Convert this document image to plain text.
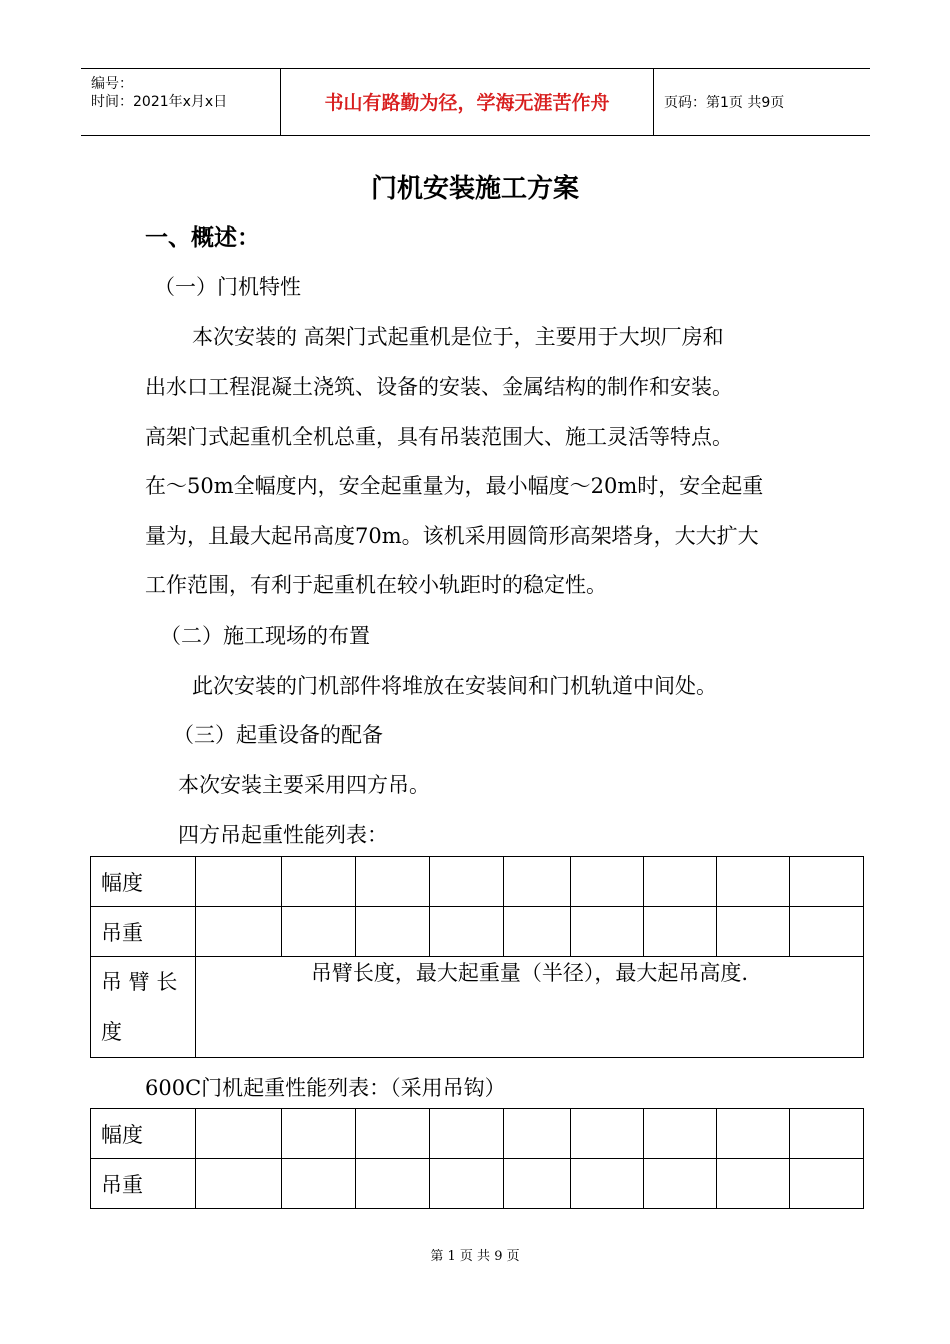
编号：
时间：2021年x月x日	书山有路勤为径，学海无涯苦作舟	页码：第1页 共9页
门机安装施工方案
一、概述：
（一）门机特性
本次安装的 高架门式起重机是位于，主要用于大坝厂房和
出水口工程混凝土浇筑、设备的安装、金属结构的制作和安装。
高架门式起重机全机总重，具有吊装范围大、施工灵活等特点。
在～50m全幅度内，安全起重量为，最小幅度～20m时，安全起重
量为，且最大起吊高度70m。该机采用圆筒形高架塔身，大大扩大
工作范围，有利于起重机在较小轨距时的稳定性。
（二）施工现场的布置
此次安装的门机部件将堆放在安装间和门机轨道中间处。
（三）起重设备的配备
本次安装主要采用四方吊。
四方吊起重性能列表：
幅度									
吊重									
吊 臂 长 度	吊臂长度，最大起重量（半径），最大起吊高度.								
600C门机起重性能列表：（采用吊钩）
幅度									
吊重									
第 1 页 共 9 页
